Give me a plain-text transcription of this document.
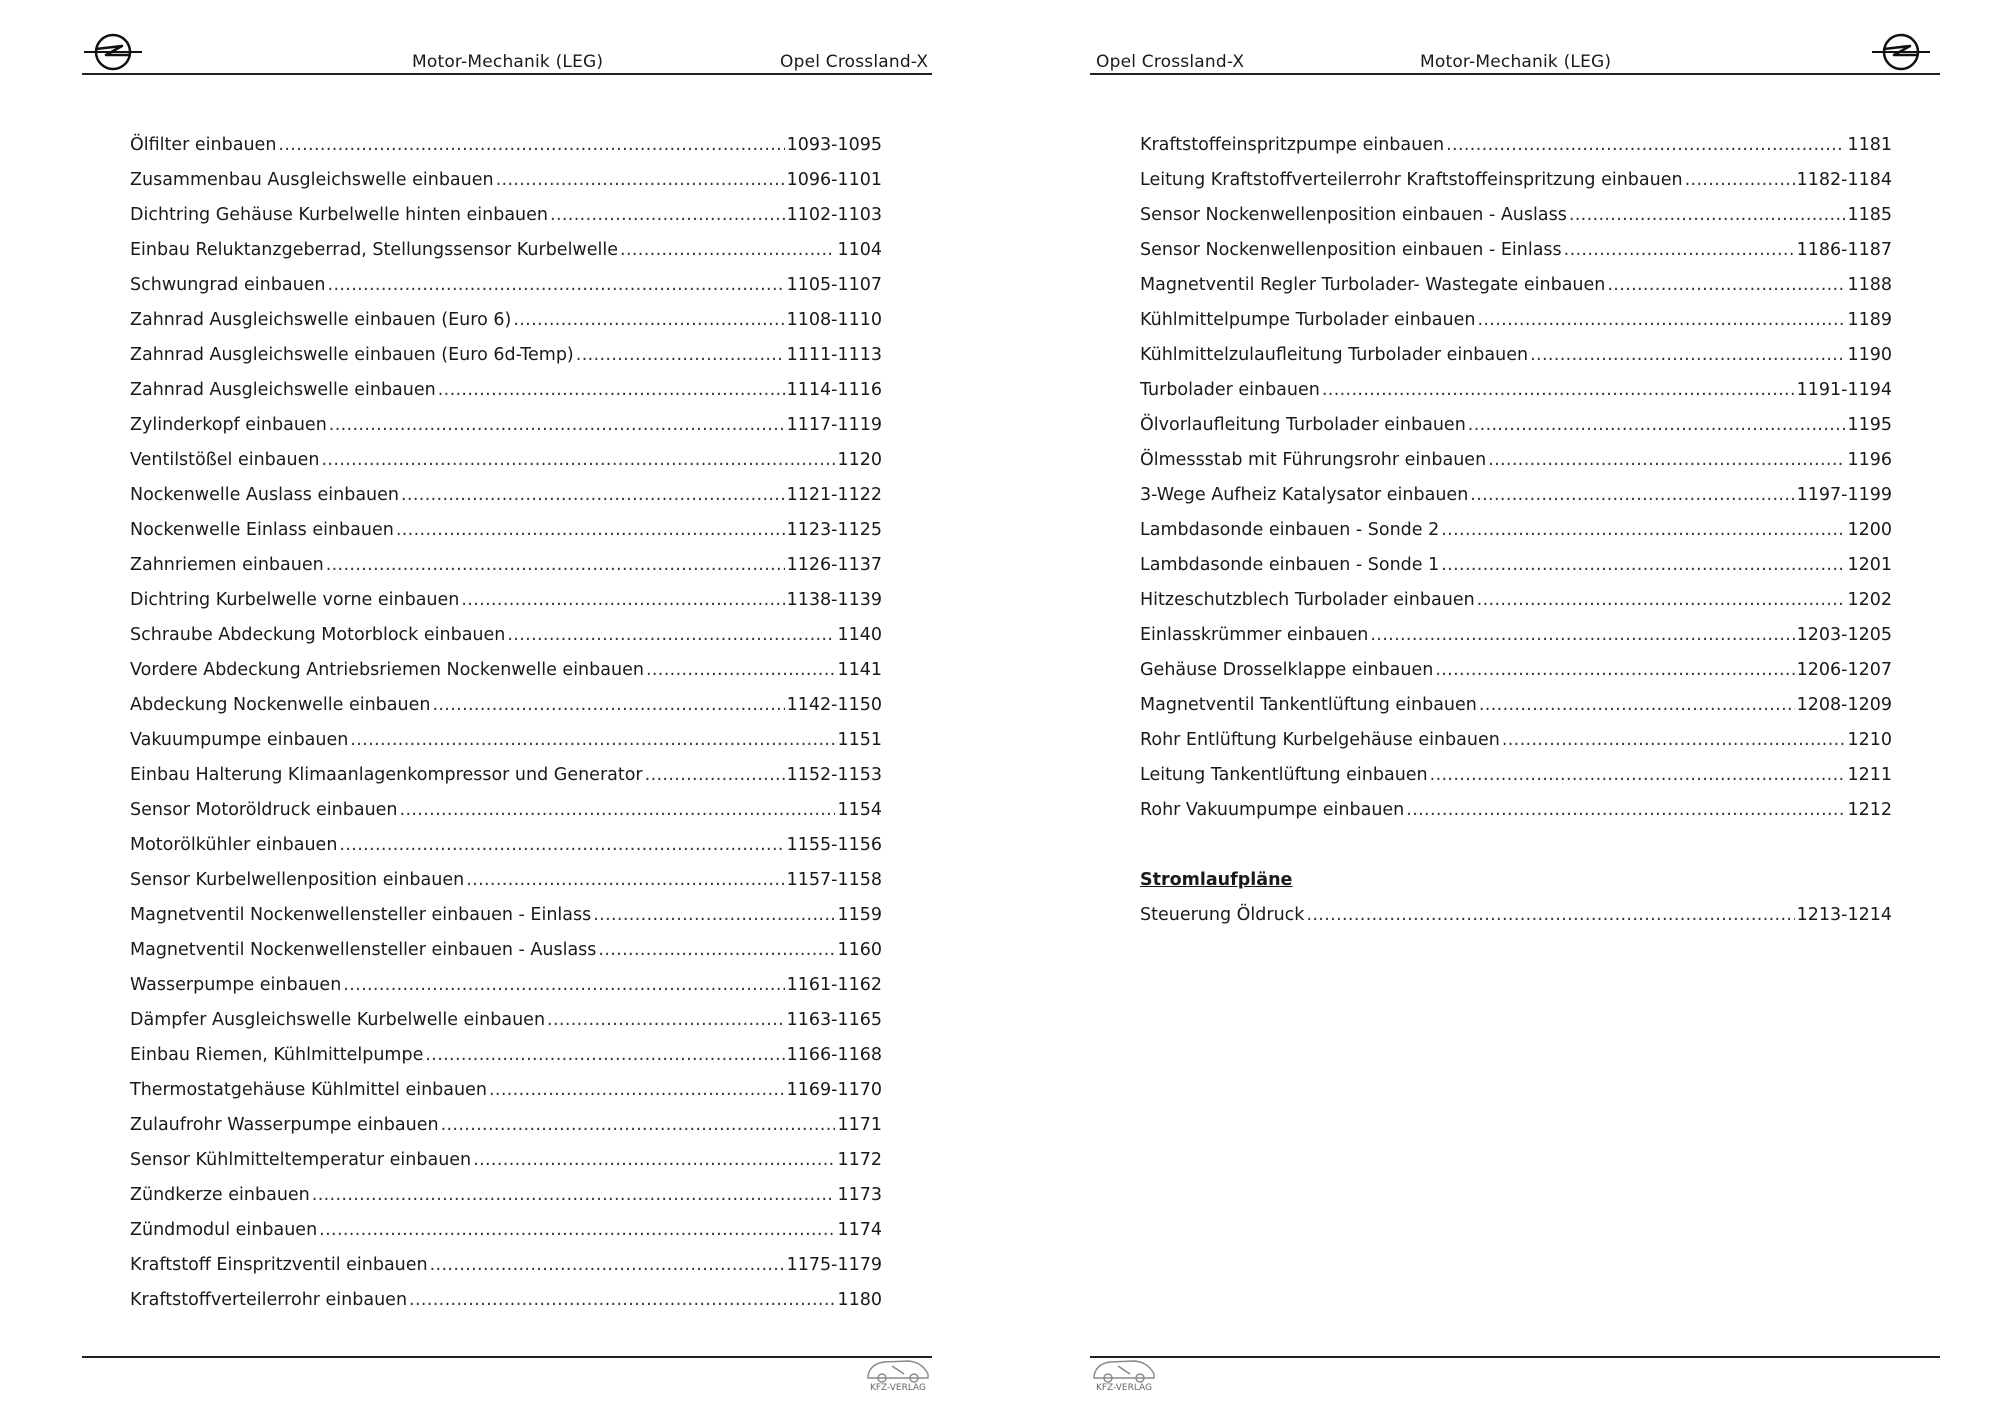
Motor-Mechanik (LEG)	Opel Crossland-X
Ölfilter einbauen . . .	1093-1095
Zusammenbau Ausgleichswelle einbauen . . .	1096-1101
Dichtring Gehäuse Kurbelwelle hinten einbauen . . .	1102-1103
Einbau Reluktanzgeberrad, Stellungssensor Kurbelwelle . . .	1104
Schwungrad einbauen . . .	1105-1107
Zahnrad Ausgleichswelle einbauen (Euro 6) . . .	1108-1110
Zahnrad Ausgleichswelle einbauen (Euro 6d-Temp) . . .	1111-1113
Zahnrad Ausgleichswelle einbauen . . .	1114-1116
Zylinderkopf einbauen . . .	1117-1119
Ventilstößel einbauen . . .	1120
Nockenwelle Auslass einbauen . . .	1121-1122
Nockenwelle Einlass einbauen . . .	1123-1125
Zahnriemen einbauen . . .	1126-1137
Dichtring Kurbelwelle vorne einbauen . . .	1138-1139
Schraube Abdeckung Motorblock einbauen . . .	1140
Vordere Abdeckung Antriebsriemen Nockenwelle einbauen . . .	1141
Abdeckung Nockenwelle einbauen . . .	1142-1150
Vakuumpumpe einbauen . . .	1151
Einbau Halterung Klimaanlagenkompressor und Generator . . .	1152-1153
Sensor Motoröldruck einbauen . . .	1154
Motorölkühler einbauen . . .	1155-1156
Sensor Kurbelwellenposition einbauen . . .	1157-1158
Magnetventil Nockenwellensteller einbauen - Einlass . . .	1159
Magnetventil Nockenwellensteller einbauen - Auslass . . .	1160
Wasserpumpe einbauen . . .	1161-1162
Dämpfer Ausgleichswelle Kurbelwelle einbauen . . .	1163-1165
Einbau Riemen, Kühlmittelpumpe . . .	1166-1168
Thermostatgehäuse Kühlmittel einbauen . . .	1169-1170
Zulaufrohr Wasserpumpe einbauen . . .	1171
Sensor Kühlmitteltemperatur einbauen . . .	1172
Zündkerze einbauen . . .	1173
Zündmodul einbauen . . .	1174
Kraftstoff Einspritzventil einbauen . . .	1175-1179
Kraftstoffverteilerrohr einbauen . . .	1180
KFZ-VERLAG
Opel Crossland-X	Motor-Mechanik (LEG)
Kraftstoffeinspritzpumpe einbauen . . .	1181
Leitung Kraftstoffverteilerrohr Kraftstoffeinspritzung einbauen . . .	1182-1184
Sensor Nockenwellenposition einbauen - Auslass . . .	1185
Sensor Nockenwellenposition einbauen - Einlass . . .	1186-1187
Magnetventil Regler Turbolader- Wastegate einbauen . . .	1188
Kühlmittelpumpe Turbolader einbauen . . .	1189
Kühlmittelzulaufleitung Turbolader einbauen . . .	1190
Turbolader einbauen . . .	1191-1194
Ölvorlaufleitung Turbolader einbauen . . .	1195
Ölmessstab mit Führungsrohr einbauen . . .	1196
3-Wege Aufheiz Katalysator einbauen . . .	1197-1199
Lambdasonde einbauen - Sonde 2 . . .	1200
Lambdasonde einbauen - Sonde 1 . . .	1201
Hitzeschutzblech Turbolader einbauen . . .	1202
Einlasskrümmer einbauen . . .	1203-1205
Gehäuse Drosselklappe einbauen . . .	1206-1207
Magnetventil Tankentlüftung einbauen . . .	1208-1209
Rohr Entlüftung Kurbelgehäuse einbauen . . .	1210
Leitung Tankentlüftung einbauen . . .	1211
Rohr Vakuumpumpe einbauen . . .	1212
Stromlaufpläne
Steuerung Öldruck . . .	1213-1214
KFZ-VERLAG
